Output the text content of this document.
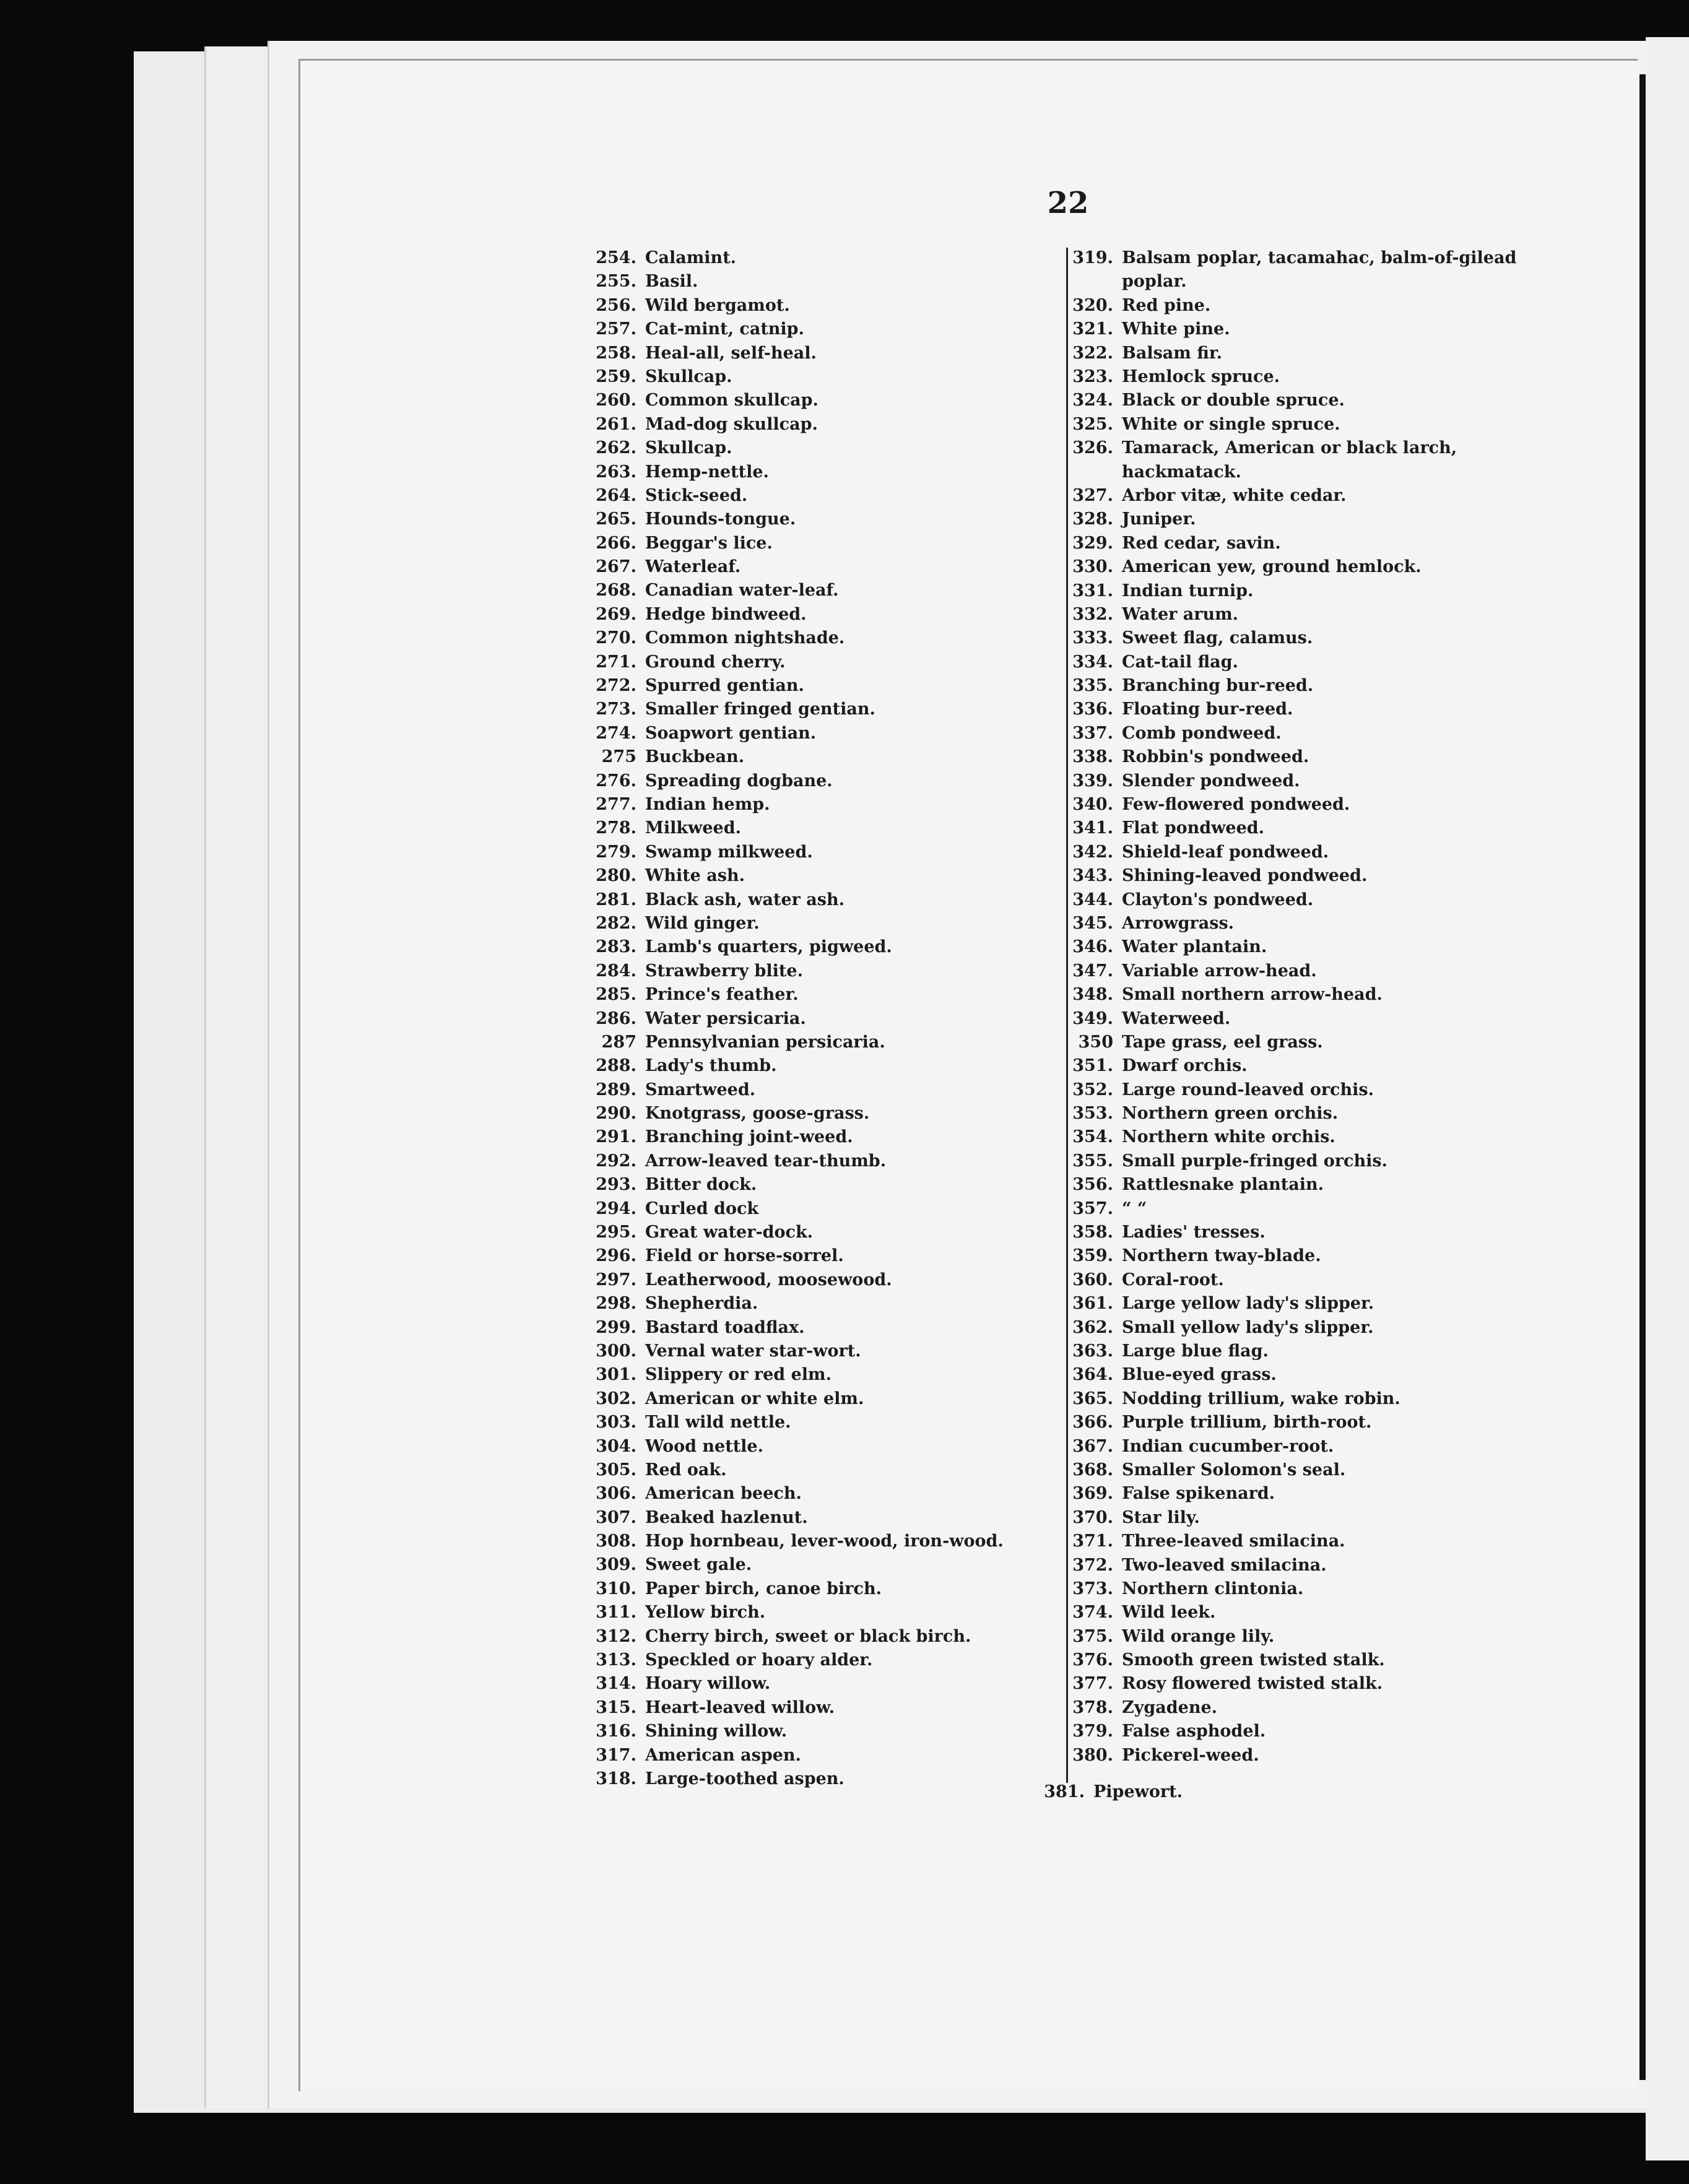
22
254. Calamint.
255. Basil.
256. Wild bergamot.
257. Cat-mint, catnip.
258. Heal-all, self-heal.
259. Skullcap.
260. Common skullcap.
261. Mad-dog skullcap.
262. Skullcap.
263. Hemp-nettle.
264. Stick-seed.
265. Hounds-tongue.
266. Beggar's lice.
267. Waterleaf.
268. Canadian water-leaf.
269. Hedge bindweed.
270. Common nightshade.
271. Ground cherry.
272. Spurred gentian.
273. Smaller fringed gentian.
274. Soapwort gentian.
275 Buckbean.
276. Spreading dogbane.
277. Indian hemp.
278. Milkweed.
279. Swamp milkweed.
280. White ash.
281. Black ash, water ash.
282. Wild ginger.
283. Lamb's quarters, pigweed.
284. Strawberry blite.
285. Prince's feather.
286. Water persicaria.
287 Pennsylvanian persicaria.
288. Lady's thumb.
289. Smartweed.
290. Knotgrass, goose-grass.
291. Branching joint-weed.
292. Arrow-leaved tear-thumb.
293. Bitter dock.
294. Curled dock
295. Great water-dock.
296. Field or horse-sorrel.
297. Leatherwood, moosewood.
298. Shepherdia.
299. Bastard toadflax.
300. Vernal water star-wort.
301. Slippery or red elm.
302. American or white elm.
303. Tall wild nettle.
304. Wood nettle.
305. Red oak.
306. American beech.
307. Beaked hazlenut.
308. Hop hornbeau, lever-wood, iron-wood.
309. Sweet gale.
310. Paper birch, canoe birch.
311. Yellow birch.
312. Cherry birch, sweet or black birch.
313. Speckled or hoary alder.
314. Hoary willow.
315. Heart-leaved willow.
316. Shining willow.
317. American aspen.
318. Large-toothed aspen.
319. Balsam poplar, tacamahac, balm-of-gilead poplar.
320. Red pine.
321. White pine.
322. Balsam fir.
323. Hemlock spruce.
324. Black or double spruce.
325. White or single spruce.
326. Tamarack, American or black larch, hackmatack.
327. Arbor vitæ, white cedar.
328. Juniper.
329. Red cedar, savin.
330. American yew, ground hemlock.
331. Indian turnip.
332. Water arum.
333. Sweet flag, calamus.
334. Cat-tail flag.
335. Branching bur-reed.
336. Floating bur-reed.
337. Comb pondweed.
338. Robbin's pondweed.
339. Slender pondweed.
340. Few-flowered pondweed.
341. Flat pondweed.
342. Shield-leaf pondweed.
343. Shining-leaved pondweed.
344. Clayton's pondweed.
345. Arrowgrass.
346. Water plantain.
347. Variable arrow-head.
348. Small northern arrow-head.
349. Waterweed.
350 Tape grass, eel grass.
351. Dwarf orchis.
352. Large round-leaved orchis.
353. Northern green orchis.
354. Northern white orchis.
355. Small purple-fringed orchis.
356. Rattlesnake plantain.
357. “ “
358. Ladies' tresses.
359. Northern tway-blade.
360. Coral-root.
361. Large yellow lady's slipper.
362. Small yellow lady's slipper.
363. Large blue flag.
364. Blue-eyed grass.
365. Nodding trillium, wake robin.
366. Purple trillium, birth-root.
367. Indian cucumber-root.
368. Smaller Solomon's seal.
369. False spikenard.
370. Star lily.
371. Three-leaved smilacina.
372. Two-leaved smilacina.
373. Northern clintonia.
374. Wild leek.
375. Wild orange lily.
376. Smooth green twisted stalk.
377. Rosy flowered twisted stalk.
378. Zygadene.
379. False asphodel.
380. Pickerel-weed.
381. Pipewort.
